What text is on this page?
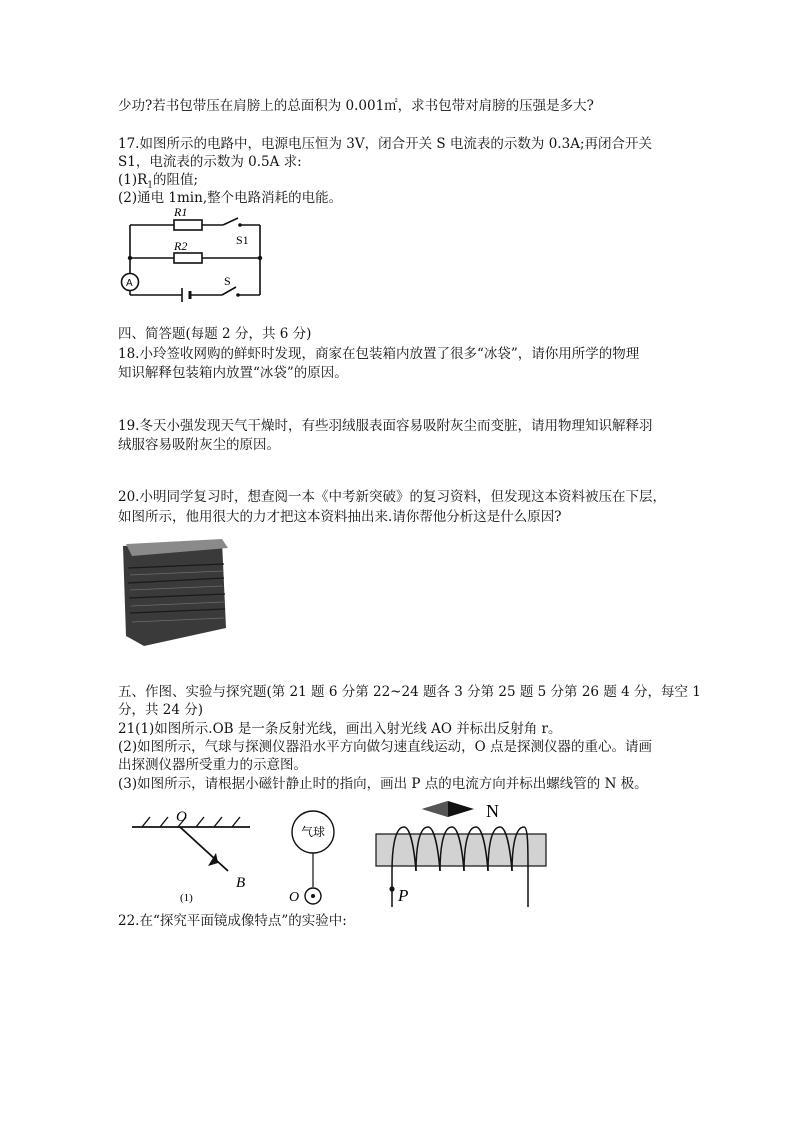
少功?若书包带压在肩膀上的总面积为 0.001㎡，求书包带对肩膀的压强是多大?
17.如图所示的电路中，电源电压恒为 3V，闭合开关 S 电流表的示数为 0.3A;再闭合开关
S1，电流表的示数为 0.5A 求:
$(1)R_1$的阻值;
(2)通电 1min,整个电路消耗的电能。
R1
R2	S1
S
A
四、简答题(每题 2 分，共 6 分)
18.小玲签收网购的鲜虾时发现，商家在包装箱内放置了很多“冰袋”，请你用所学的物理
知识解释包装箱内放置“冰袋”的原因。
19.冬天小强发现天气干燥时，有些羽绒服表面容易吸附灰尘而变脏，请用物理知识解释羽
绒服容易吸附灰尘的原因。
20.小明同学复习时，想查阅一本《中考新突破》的复习资料，但发现这本资料被压在下层，
如图所示，他用很大的力才把这本资料抽出来.请你帮他分析这是什么原因?
五、作图、实验与探究题(第 21 题 6 分第 22~24 题各 3 分第 25 题 5 分第 26 题 4 分，每空 1
分，共 24 分)
21(1)如图所示.OB 是一条反射光线，画出入射光线 AO 并标出反射角 r。
(2)如图所示，气球与探测仪器沿水平方向做匀速直线运动，O 点是探测仪器的重心。请画
出探测仪器所受重力的示意图。
(3)如图所示，请根据小磁针静止时的指向，画出 P 点的电流方向并标出螺线管的 N 极。
O
B
(1)
气球
O
N
P
22.在“探究平面镜成像特点”的实验中:
